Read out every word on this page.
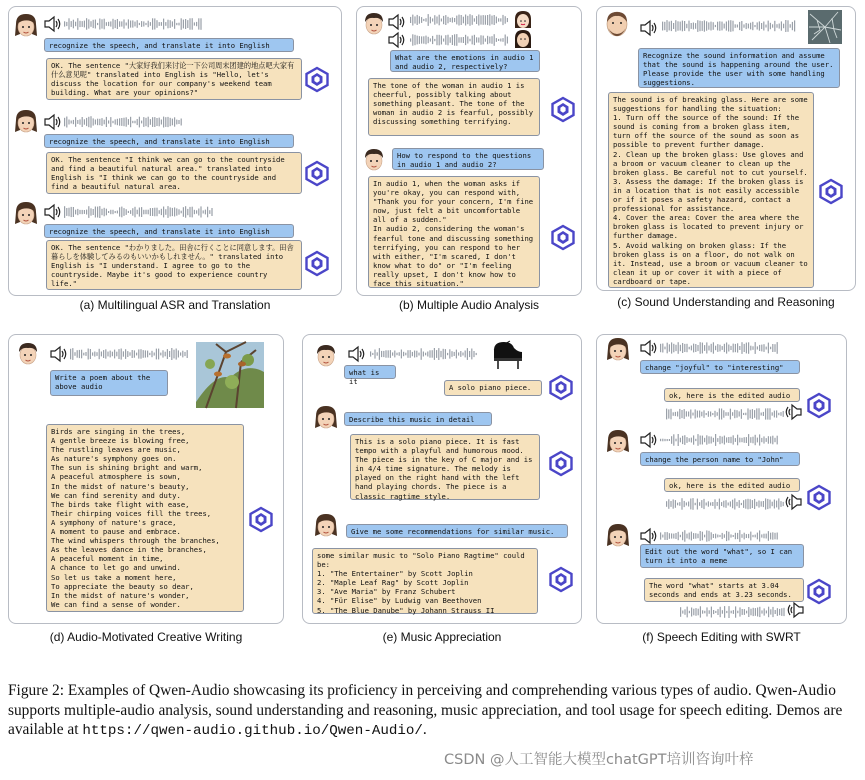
(a) Multilingual ASR and Translation	(b) Multiple Audio Analysis	(c) Sound Understanding and Reasoning
(d) Audio-Motivated Creative Writing	(e) Music Appreciation	(f) Speech Editing with SWRT
recognize the speech, and translate it into English
OK. The sentence "大家好我们来讨论一下公司周末团建的地点吧大家有什么意见呢" translated into English is "Hello, let's discuss the location for our company's weekend team building. What are your opinions?"
recognize the speech, and translate it into English
OK. The sentence "I think we can go to the countryside and find a beautiful natural area." translated into English is "I think we can go to the countryside and find a beautiful natural area.
recognize the speech, and translate it into English
OK. The sentence "わかりました。田舎に行くことに同意します。田舎暮らしを体験してみるのもいいかもしれません。" translated into English is "I understand. I agree to go to the countryside. Maybe it's good to experience country life."
What are the emotions in audio 1 and audio 2, respectively?
The tone of the woman in audio 1 is cheerful, possibly talking about something pleasant. The tone of the woman in audio 2 is fearful, possibly discussing something terrifying.
How to respond to the questions in audio 1 and audio 2?
In audio 1, when the woman asks if you're okay, you can respond with, "Thank you for your concern, I'm fine now, just felt a bit uncomfortable all of a sudden."
In audio 2, considering the woman's fearful tone and discussing something terrifying, you can respond to her with either, "I'm scared, I don't know what to do" or "I'm feeling really upset, I don't know how to face this situation."
Recognize the sound information and assume that the sound is happening around the user. Please provide the user with some handling suggestions.
The sound is of breaking glass. Here are some suggestions for handling the situation:
1. Turn off the source of the sound: If the sound is coming from a broken glass item, turn off the source of the sound as soon as possible to prevent further damage.
2. Clean up the broken glass: Use gloves and a broom or vacuum cleaner to clean up the broken glass. Be careful not to cut yourself.
3. Assess the damage: If the broken glass is in a location that is not easily accessible or if it poses a safety hazard, contact a professional for assistance.
4. Cover the area: Cover the area where the broken glass is located to prevent injury or further damage.
5. Avoid walking on broken glass: If the broken glass is on a floor, do not walk on it. Instead, use a broom or vacuum cleaner to clean it up or cover it with a piece of cardboard or tape.
Write a poem about the above audio
Birds are singing in the trees,
A gentle breeze is blowing free,
The rustling leaves are music,
As nature's symphony goes on.
The sun is shining bright and warm,
A peaceful atmosphere is sown,
In the midst of nature's beauty,
We can find serenity and duty.
The birds take flight with ease,
Their chirping voices fill the trees,
A symphony of nature's grace,
A moment to pause and embrace.
The wind whispers through the branches,
As the leaves dance in the branches,
A peaceful moment in time,
A chance to let go and unwind.
So let us take a moment here,
To appreciate the beauty so dear,
In the midst of nature's wonder,
We can find a sense of wonder.
what is it
A solo piano piece.
Describe this music in detail
This is a solo piano piece. It is fast tempo with a playful and humorous mood. The piece is in the key of C major and is in 4/4 time signature. The melody is played on the right hand with the left hand playing chords. The piece is a classic ragtime style.
Give me some recommendations for similar music.
some similar music to "Solo Piano Ragtime" could be:
1. "The Entertainer" by Scott Joplin
2. "Maple Leaf Rag" by Scott Joplin
3. "Ave Maria" by Franz Schubert
4. "Für Elise" by Ludwig van Beethoven
5. "The Blue Danube" by Johann Strauss II
change "joyful" to "interesting"
ok, here is the edited audio
change the person name to "John"
ok, here is the edited audio
Edit out the word "what", so I can turn it into a meme
The word "what" starts at 3.04 seconds and ends at 3.23 seconds.
Figure 2: Examples of Qwen-Audio showcasing its proficiency in perceiving and comprehending various types of audio. Qwen-Audio supports multiple-audio analysis, sound understanding and reasoning, music appreciation, and tool usage for speech editing. Demos are available at https://qwen-audio.github.io/Qwen-Audio/.
CSDN @人工智能大模型chatGPT培训咨询叶梓
